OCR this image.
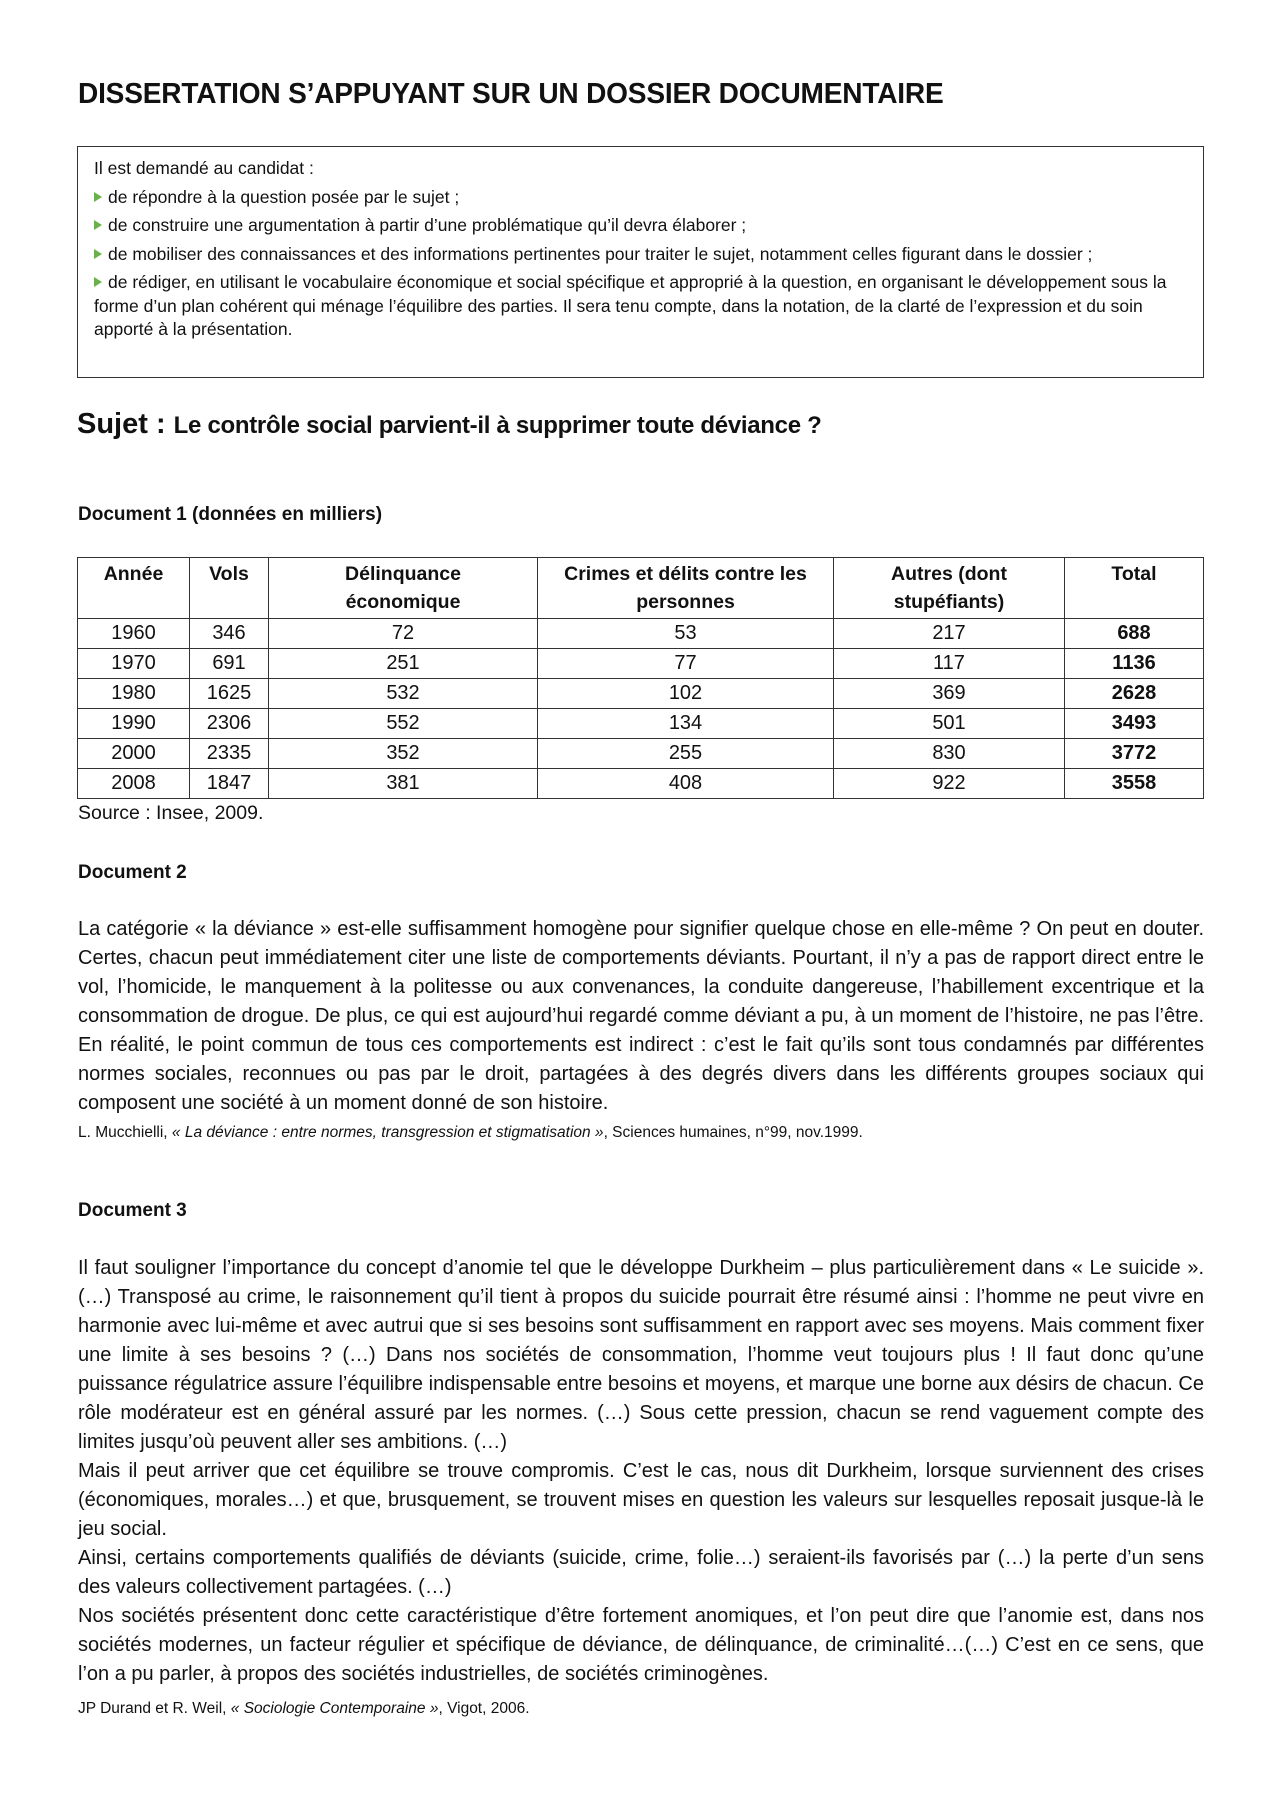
DISSERTATION S’APPUYANT SUR UN DOSSIER DOCUMENTAIRE

Il est demandé au candidat :

de répondre à la question posée par le sujet ;

de construire une argumentation à partir d’une problématique qu’il devra élaborer ;

de mobiliser des connaissances et des informations pertinentes pour traiter le sujet, notamment celles figurant dans le dossier ;

de rédiger, en utilisant le vocabulaire économique et social spécifique et approprié à la question, en organisant le développement sous la forme d’un plan cohérent qui ménage l’équilibre des parties. Il sera tenu compte, dans la notation, de la clarté de l’expression et du soin apporté à la présentation.

Sujet : Le contrôle social parvient-il à supprimer toute déviance ?
Document 1 (données en milliers)
Année	Vols	Délinquance économique	Crimes et délits contre les personnes	Autres (dont stupéfiants)	Total
1960	346	72	53	217	688
1970	691	251	77	117	1136
1980	1625	532	102	369	2628
1990	2306	552	134	501	3493
2000	2335	352	255	830	3772
2008	1847	381	408	922	3558
Source : Insee, 2009.
Document 2

La catégorie « la déviance » est-elle suffisamment homogène pour signifier quelque chose en elle-même ? On peut en douter. Certes, chacun peut immédiatement citer une liste de comportements déviants. Pourtant, il n’y a pas de rapport direct entre le vol, l’homicide, le manquement à la politesse ou aux convenances, la conduite dangereuse, l’habillement excentrique et la consommation de drogue. De plus, ce qui est aujourd’hui regardé comme déviant a pu, à un moment de l’histoire, ne pas l’être. En réalité, le point commun de tous ces comportements est indirect : c’est le fait qu’ils sont tous condamnés par différentes normes sociales, reconnues ou pas par le droit, partagées à des degrés divers dans les différents groupes sociaux qui composent une société à un moment donné de son histoire.

L. Mucchielli, « La déviance : entre normes, transgression et stigmatisation », Sciences humaines, n°99, nov.1999.
Document 3

Il faut souligner l’importance du concept d’anomie tel que le développe Durkheim – plus particulièrement dans « Le suicide ». (…) Transposé au crime, le raisonnement qu’il tient à propos du suicide pourrait être résumé ainsi : l’homme ne peut vivre en harmonie avec lui-même et avec autrui que si ses besoins sont suffisamment en rapport avec ses moyens. Mais comment fixer une limite à ses besoins ? (…) Dans nos sociétés de consommation, l’homme veut toujours plus ! Il faut donc qu’une puissance régulatrice assure l’équilibre indispensable entre besoins et moyens, et marque une borne aux désirs de chacun. Ce rôle modérateur est en général assuré par les normes. (…) Sous cette pression, chacun se rend vaguement compte des limites jusqu’où peuvent aller ses ambitions. (…)

Mais il peut arriver que cet équilibre se trouve compromis. C’est le cas, nous dit Durkheim, lorsque surviennent des crises (économiques, morales…) et que, brusquement, se trouvent mises en question les valeurs sur lesquelles reposait jusque-là le jeu social.

Ainsi, certains comportements qualifiés de déviants (suicide, crime, folie…) seraient-ils favorisés par (…) la perte d’un sens des valeurs collectivement partagées. (…)

Nos sociétés présentent donc cette caractéristique d’être fortement anomiques, et l’on peut dire que l’anomie est, dans nos sociétés modernes, un facteur régulier et spécifique de déviance, de délinquance, de criminalité…(…) C’est en ce sens, que l’on a pu parler, à propos des sociétés industrielles, de sociétés criminogènes.

JP Durand et R. Weil, « Sociologie Contemporaine », Vigot, 2006.
